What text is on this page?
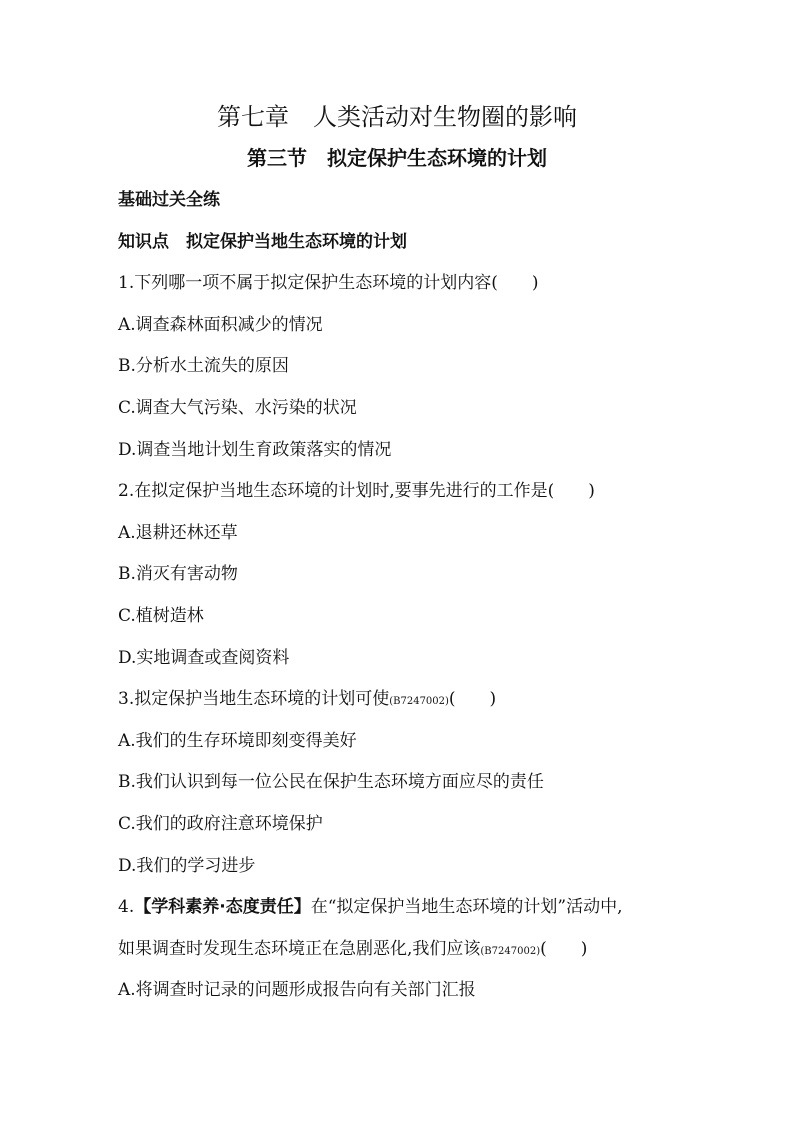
第七章　人类活动对生物圈的影响
第三节　拟定保护生态环境的计划
基础过关全练
知识点　拟定保护当地生态环境的计划
1.下列哪一项不属于拟定保护生态环境的计划内容(　　)
A.调查森林面积减少的情况
B.分析水土流失的原因
C.调查大气污染、水污染的状况
D.调查当地计划生育政策落实的情况
2.在拟定保护当地生态环境的计划时,要事先进行的工作是(　　)
A.退耕还林还草
B.消灭有害动物
C.植树造林
D.实地调查或查阅资料
3.拟定保护当地生态环境的计划可使(B7247002)(　　)
A.我们的生存环境即刻变得美好
B.我们认识到每一位公民在保护生态环境方面应尽的责任
C.我们的政府注意环境保护
D.我们的学习进步
4.【学科素养·态度责任】在“拟定保护当地生态环境的计划”活动中,
如果调查时发现生态环境正在急剧恶化,我们应该(B7247002)(　　)
A.将调查时记录的问题形成报告向有关部门汇报
